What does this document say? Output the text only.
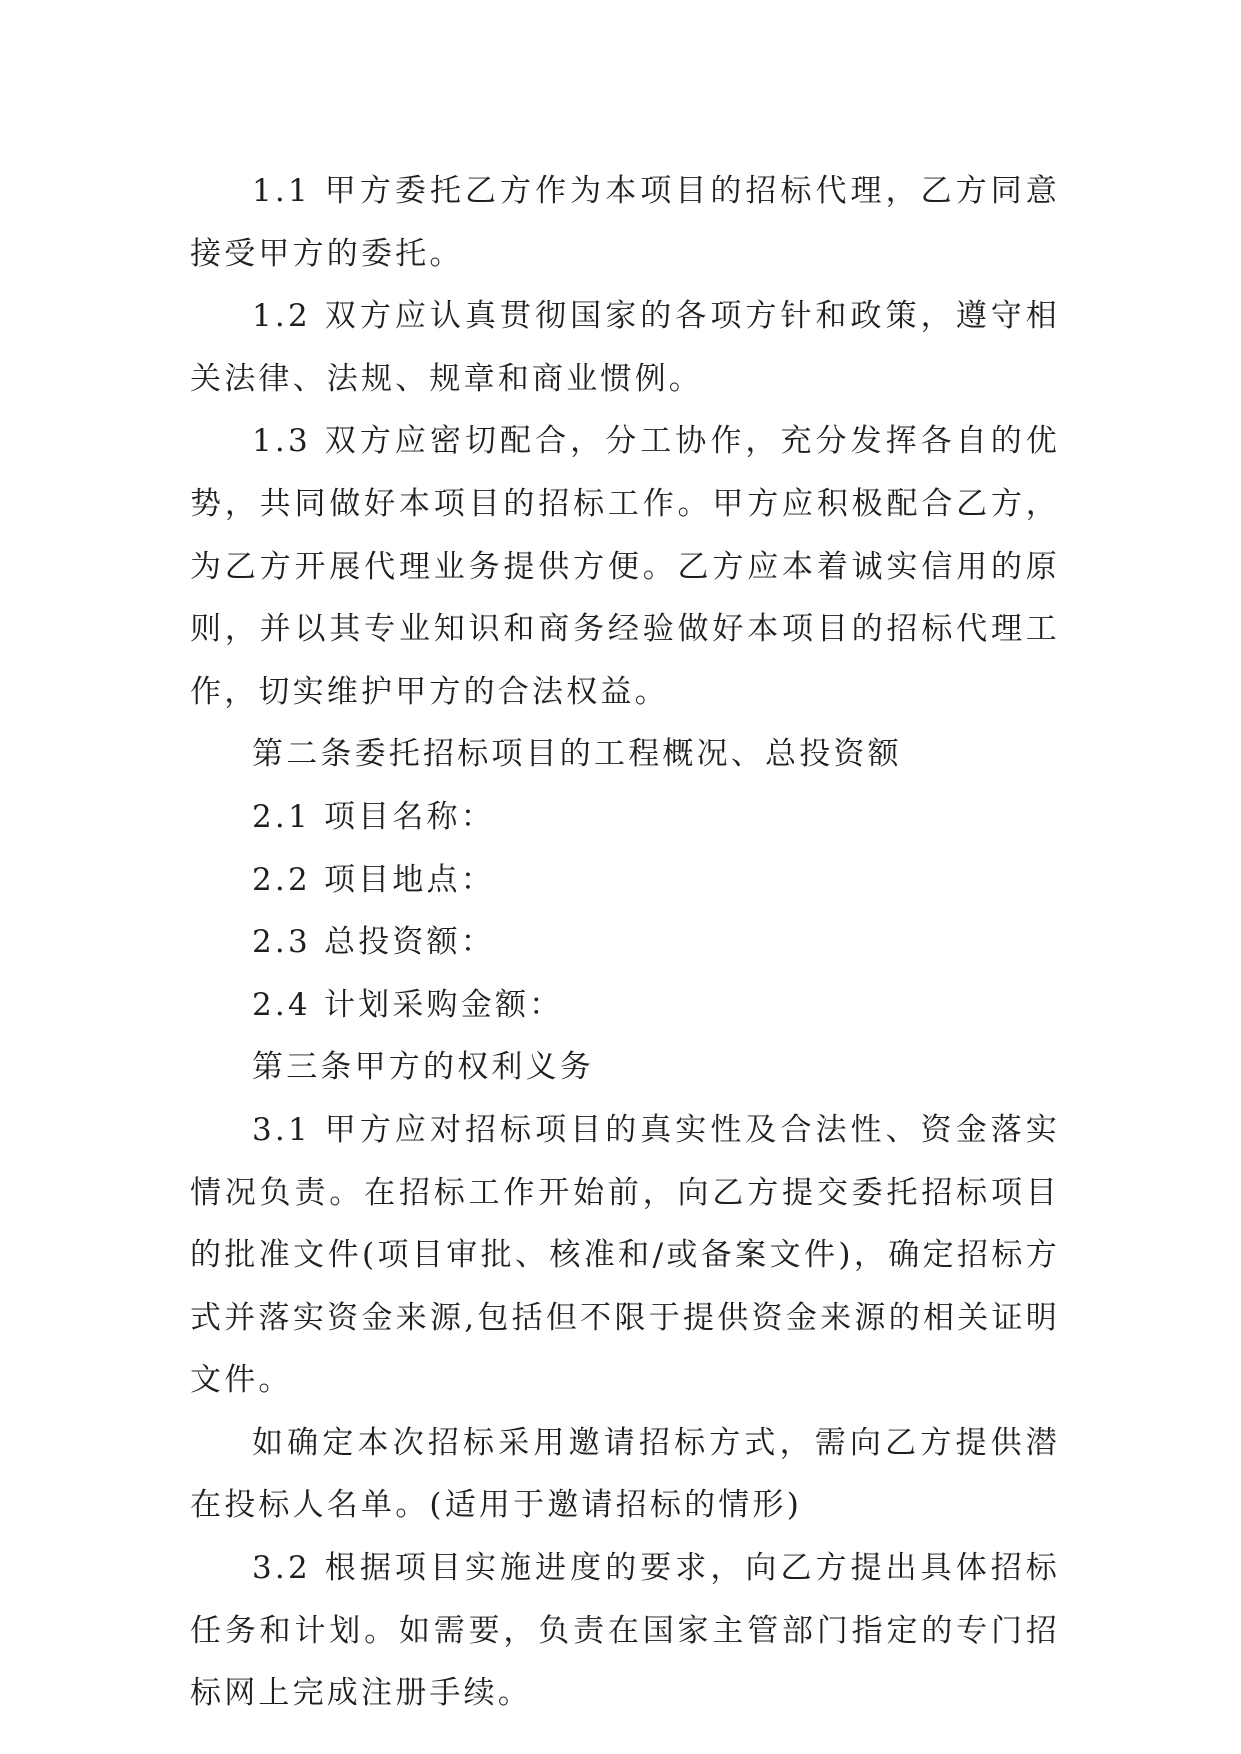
1.1 甲方委托乙方作为本项目的招标代理，乙方同意接受甲方的委托。

1.2 双方应认真贯彻国家的各项方针和政策，遵守相关法律、法规、规章和商业惯例。

1.3 双方应密切配合，分工协作，充分发挥各自的优势，共同做好本项目的招标工作。甲方应积极配合乙方，为乙方开展代理业务提供方便。乙方应本着诚实信用的原则，并以其专业知识和商务经验做好本项目的招标代理工作，切实维护甲方的合法权益。

第二条委托招标项目的工程概况、总投资额

2.1 项目名称：

2.2 项目地点：

2.3 总投资额：

2.4 计划采购金额：

第三条甲方的权利义务

3.1 甲方应对招标项目的真实性及合法性、资金落实情况负责。在招标工作开始前，向乙方提交委托招标项目的批准文件(项目审批、核准和/或备案文件)，确定招标方式并落实资金来源,包括但不限于提供资金来源的相关证明文件。

如确定本次招标采用邀请招标方式，需向乙方提供潜在投标人名单。(适用于邀请招标的情形)

3.2 根据项目实施进度的要求，向乙方提出具体招标任务和计划。如需要，负责在国家主管部门指定的专门招标网上完成注册手续。
